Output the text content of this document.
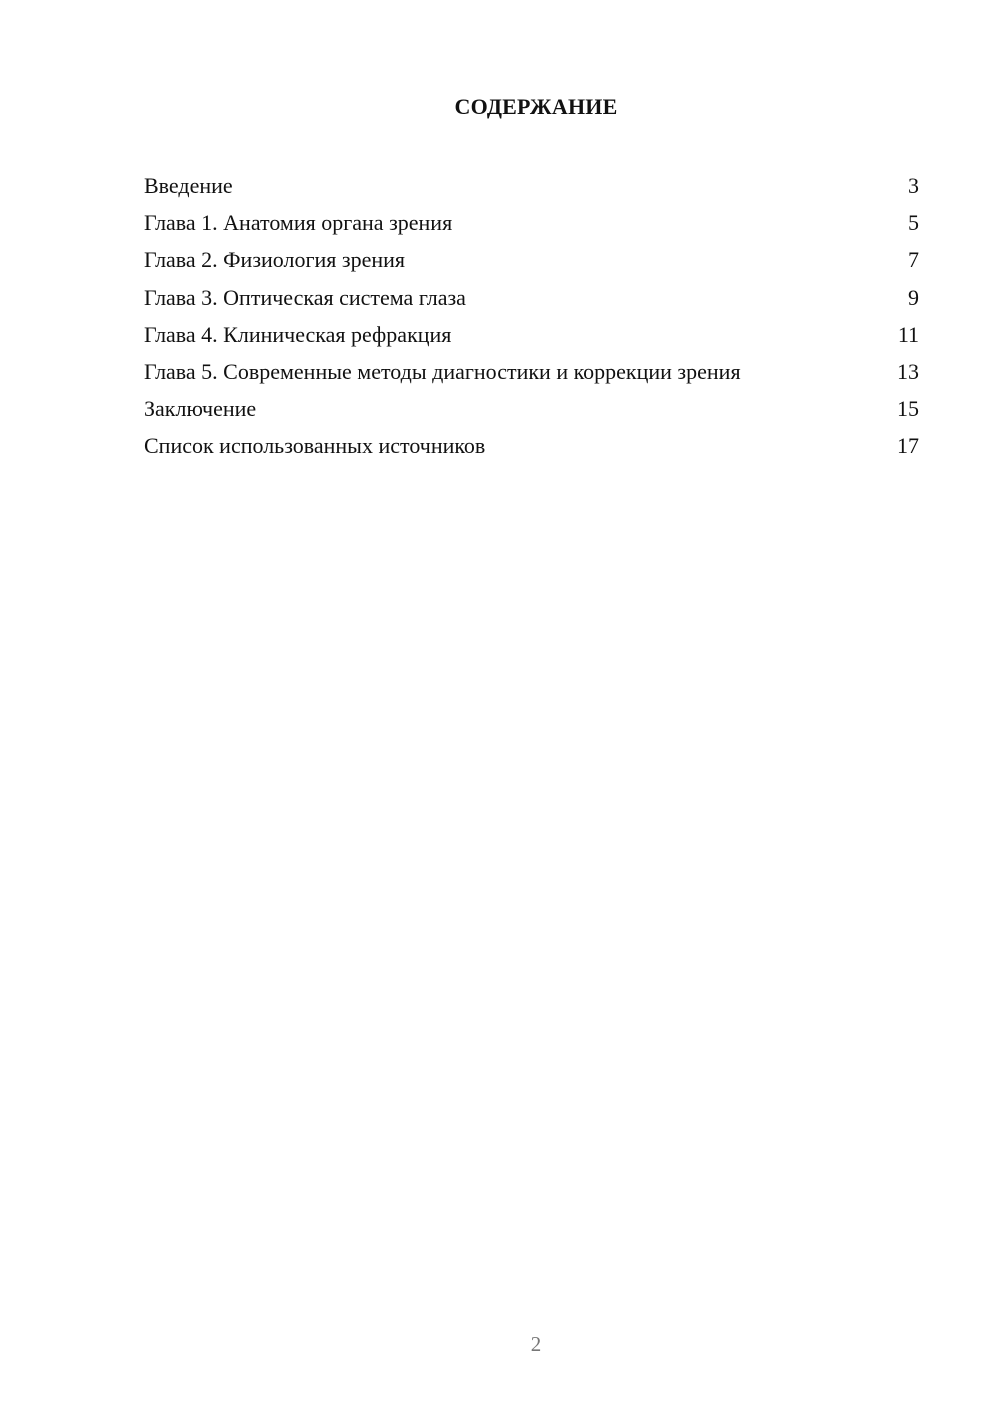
СОДЕРЖАНИЕ
Введение	3
Глава 1. Анатомия органа зрения	5
Глава 2. Физиология зрения	7
Глава 3. Оптическая система глаза	9
Глава 4. Клиническая рефракция	11
Глава 5. Современные методы диагностики и коррекции зрения	13
Заключение	15
Список использованных источников	17
2
